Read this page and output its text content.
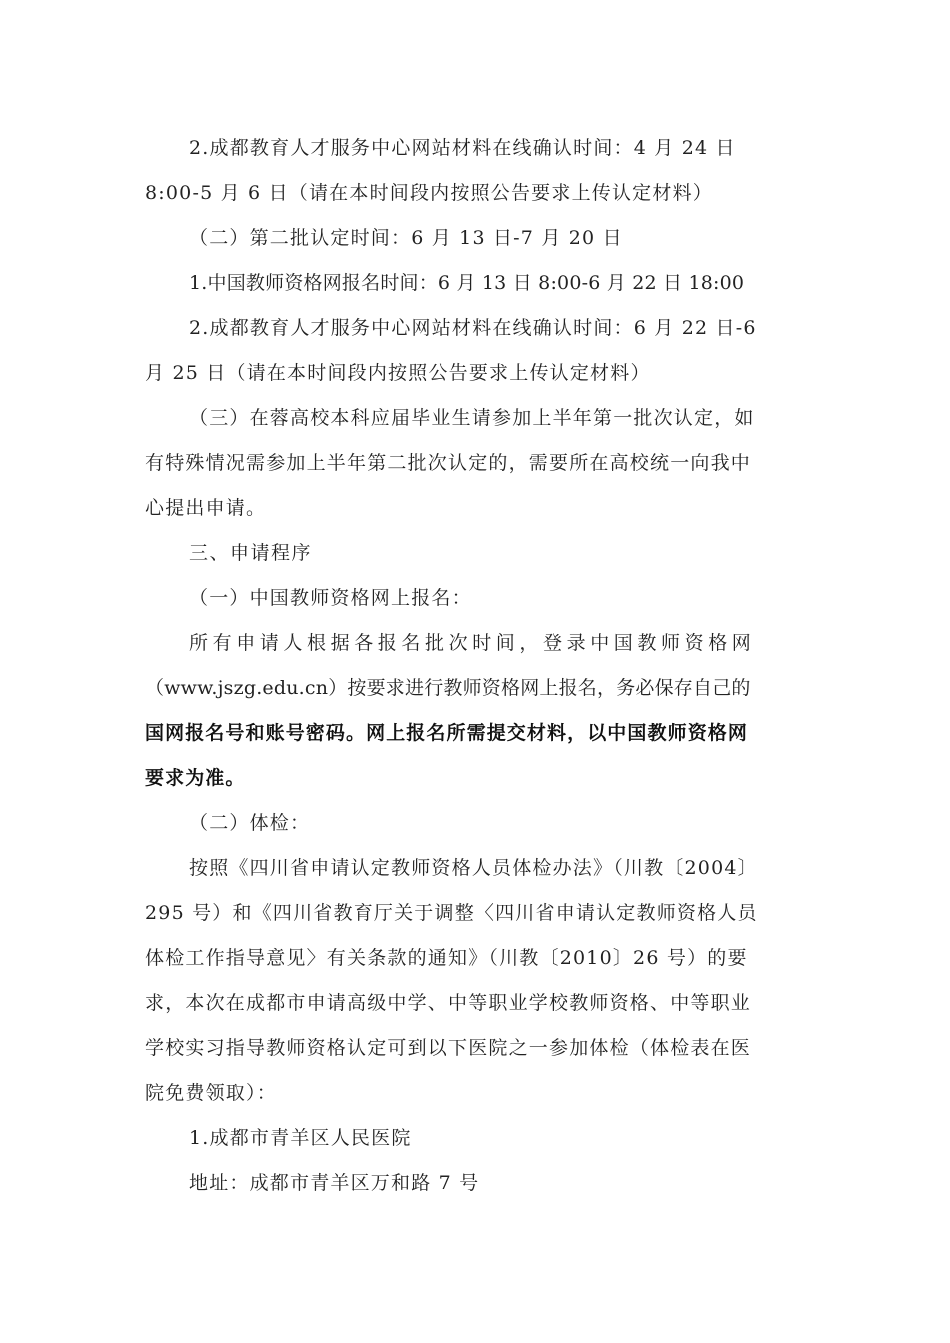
2.成都教育人才服务中心网站材料在线确认时间：4 月 24 日
8:00-5 月 6 日（请在本时间段内按照公告要求上传认定材料）
（二）第二批认定时间：6 月 13 日-7 月 20 日
1.中国教师资格网报名时间：6 月 13 日 8:00-6 月 22 日 18:00
2.成都教育人才服务中心网站材料在线确认时间：6 月 22 日-6
月 25 日（请在本时间段内按照公告要求上传认定材料）
（三）在蓉高校本科应届毕业生请参加上半年第一批次认定，如
有特殊情况需参加上半年第二批次认定的，需要所在高校统一向我中
心提出申请。
三、申请程序
（一）中国教师资格网上报名：
所有申请人根据各报名批次时间，登录中国教师资格网
（www.jszg.edu.cn）按要求进行教师资格网上报名，务必保存自己的
国网报名号和账号密码。网上报名所需提交材料，以中国教师资格网
要求为准。
（二）体检：
按照《四川省申请认定教师资格人员体检办法》（川教〔2004〕
295 号）和《四川省教育厅关于调整〈四川省申请认定教师资格人员
体检工作指导意见〉有关条款的通知》（川教〔2010〕26 号）的要
求，本次在成都市申请高级中学、中等职业学校教师资格、中等职业
学校实习指导教师资格认定可到以下医院之一参加体检（体检表在医
院免费领取）：
1.成都市青羊区人民医院
地址：成都市青羊区万和路 7 号
